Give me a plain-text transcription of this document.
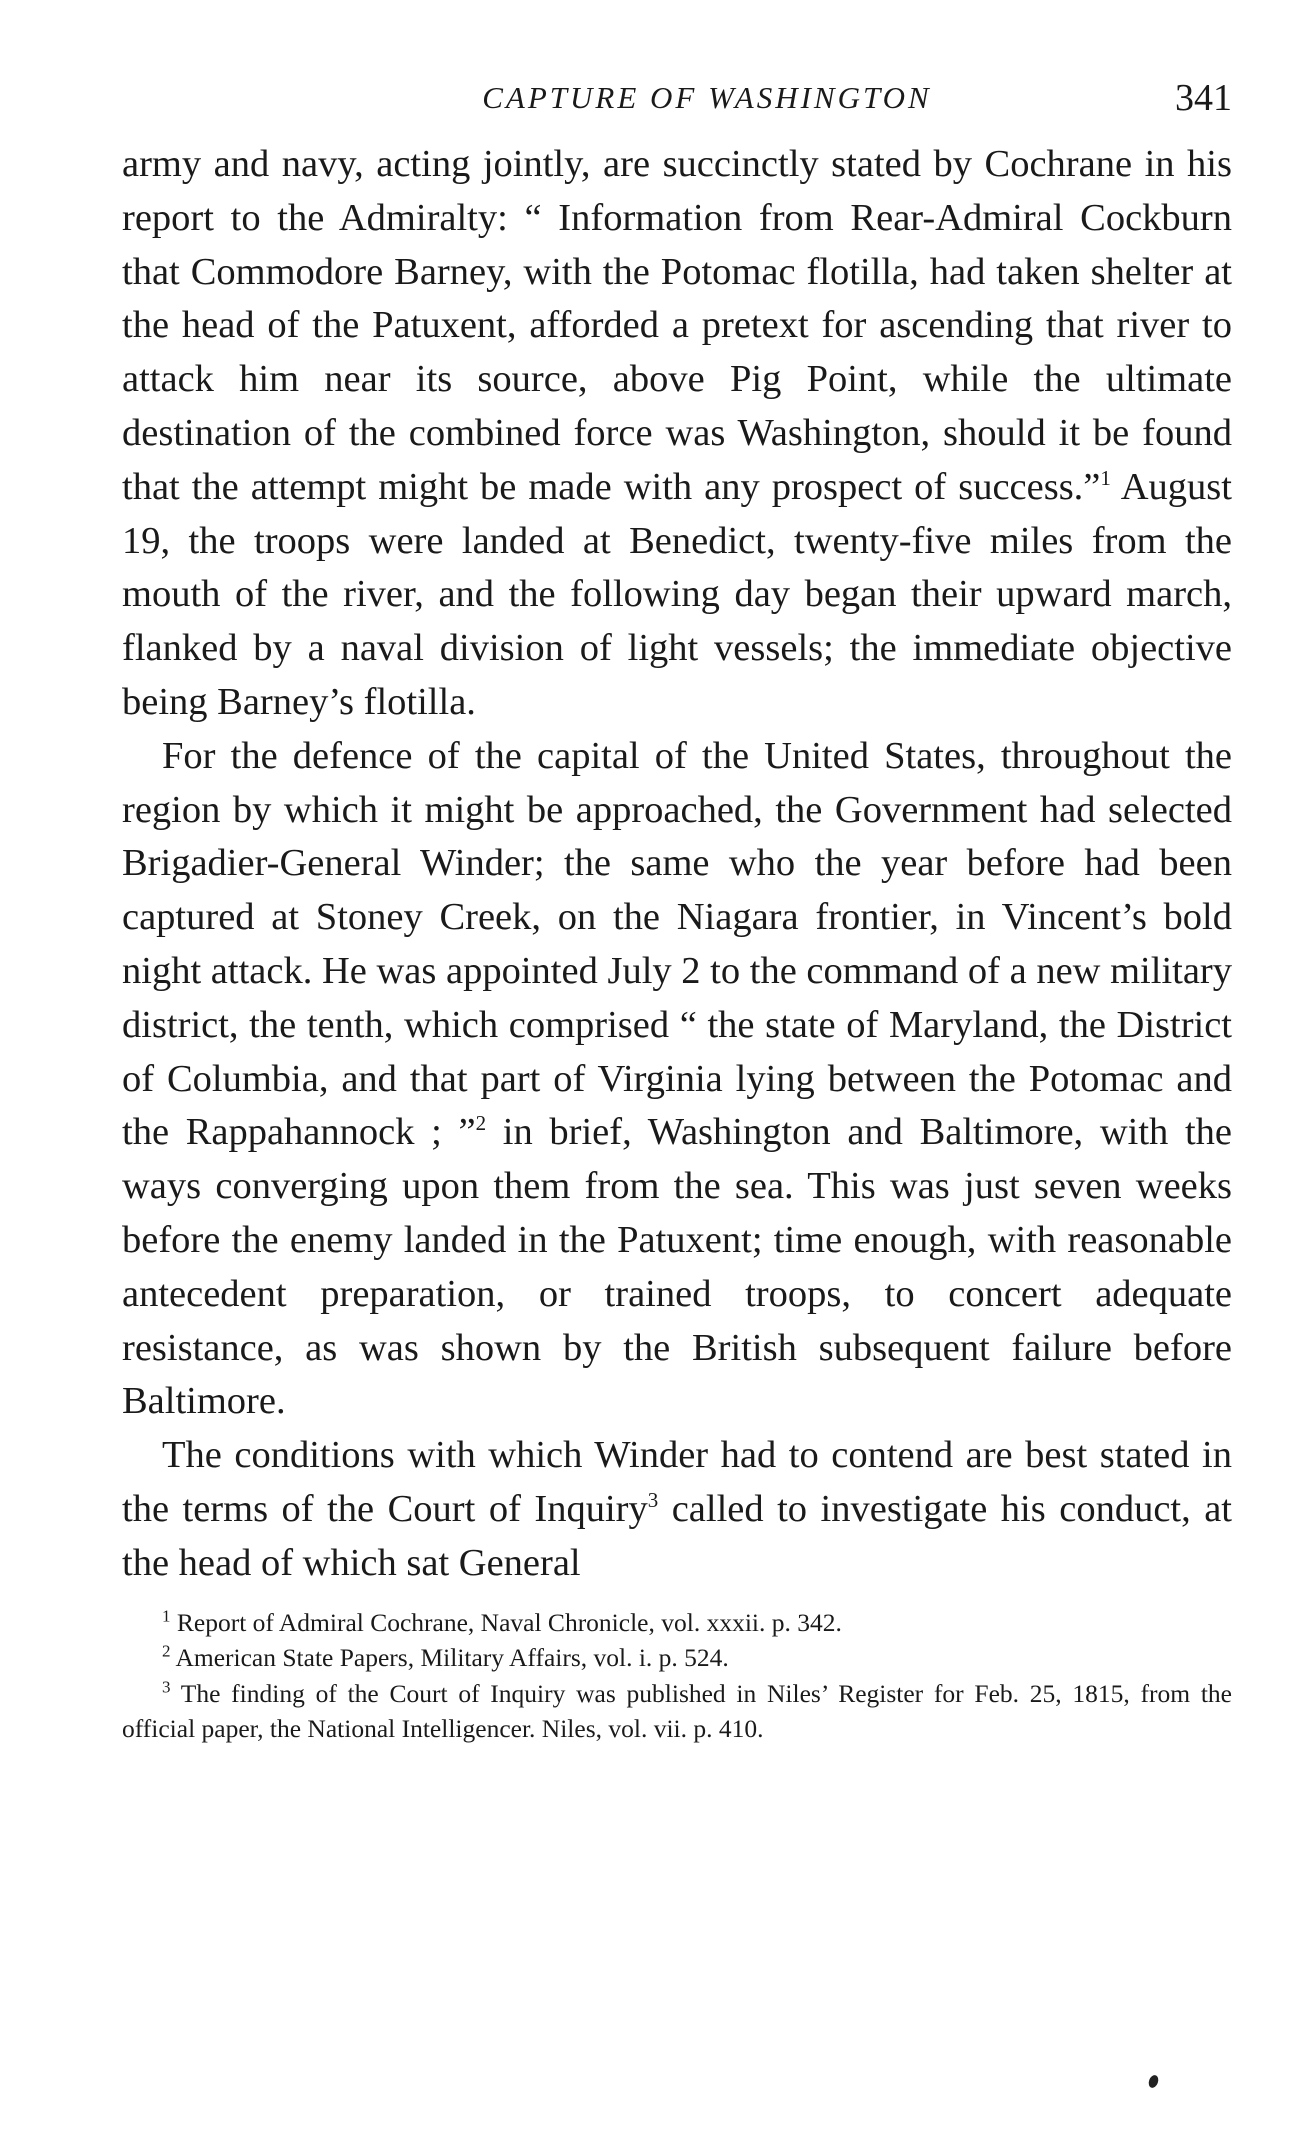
CAPTURE OF WASHINGTON	341

army and navy, acting jointly, are succinctly stated by Cochrane in his report to the Admiralty: “ Information from Rear-Admiral Cockburn that Commodore Barney, with the Potomac flotilla, had taken shelter at the head of the Patuxent, afforded a pretext for ascending that river to attack him near its source, above Pig Point, while the ultimate destination of the combined force was Washington, should it be found that the attempt might be made with any prospect of success.”$^1$ August 19, the troops were landed at Benedict, twenty-five miles from the mouth of the river, and the following day began their upward march, flanked by a naval division of light vessels; the immediate objective being Barney’s flotilla.

For the defence of the capital of the United States, throughout the region by which it might be approached, the Government had selected Brigadier-General Winder; the same who the year before had been captured at Stoney Creek, on the Niagara frontier, in Vincent’s bold night attack. He was appointed July 2 to the command of a new military district, the tenth, which comprised “ the state of Maryland, the District of Columbia, and that part of Virginia lying between the Potomac and the Rappahannock ; ”$^2$ in brief, Washington and Baltimore, with the ways converging upon them from the sea. This was just seven weeks before the enemy landed in the Patuxent; time enough, with reasonable antecedent preparation, or trained troops, to concert adequate resistance, as was shown by the British subsequent failure before Baltimore.

The conditions with which Winder had to contend are best stated in the terms of the Court of Inquiry$^3$ called to investigate his conduct, at the head of which sat General

$^1$ Report of Admiral Cochrane, Naval Chronicle, vol. xxxii. p. 342.

$^2$ American State Papers, Military Affairs, vol. i. p. 524.

$^3$ The finding of the Court of Inquiry was published in Niles’ Register for Feb. 25, 1815, from the official paper, the National Intelligencer. Niles, vol. vii. p. 410.
